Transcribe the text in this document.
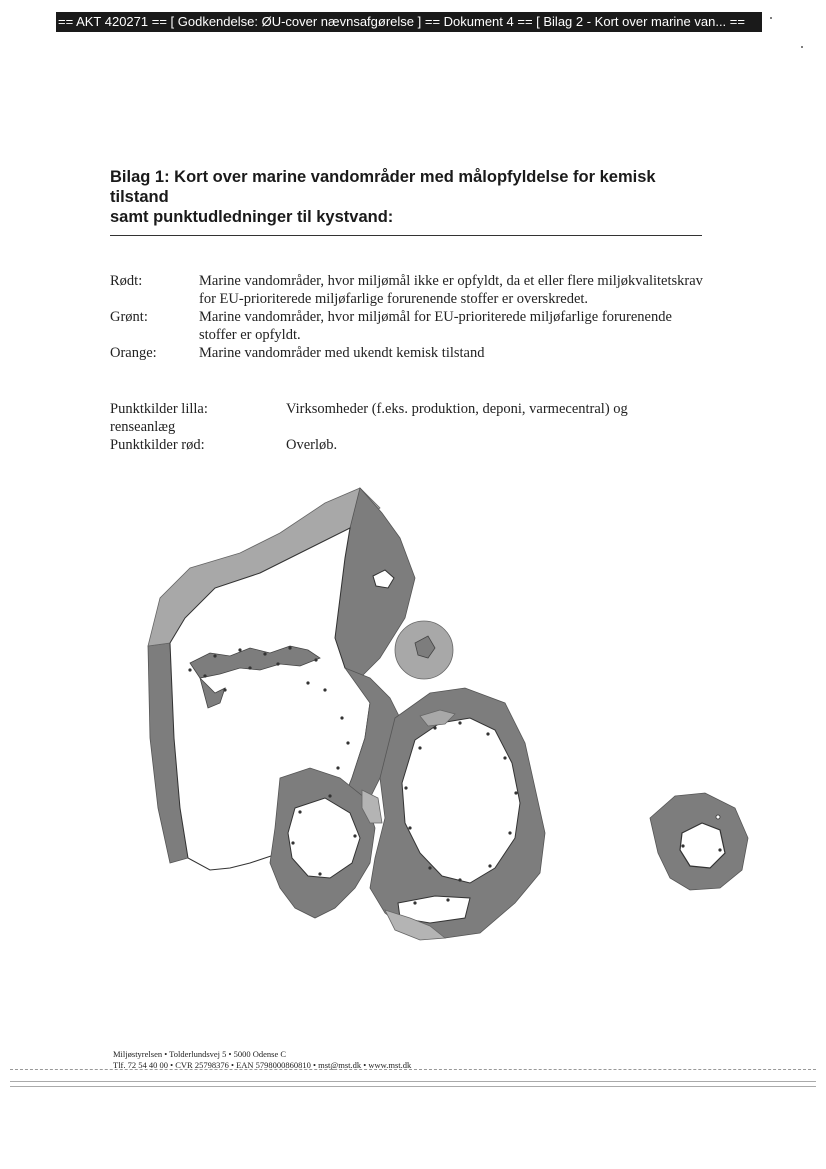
== AKT 420271 == [ Godkendelse: ØU-cover nævnsafgørelse ] == Dokument 4 == [ Bilag 2 - Kort over marine van... ==
Bilag 1: Kort over marine vandområder med målopfyldelse for kemisk tilstand
samt punktudledninger til kystvand:
Rødt:	Marine vandområder, hvor miljømål ikke er opfyldt, da et eller flere miljøkvalitetskrav for EU-prioriterede miljøfarlige forurenende stoffer er overskredet.
Grønt:	Marine vandområder, hvor miljømål for EU-prioriterede miljøfarlige forurenende stoffer er opfyldt.
Orange:	Marine vandområder med ukendt kemisk tilstand
Punktkilder lilla:	Virksomheder (f.eks. produktion, deponi, varmecentral) og
renseanlæg
Punktkilder rød:	Overløb.
Miljøstyrelsen • Tolderlundsvej 5 • 5000 Odense C
Tlf. 72 54 40 00 • CVR 25798376 • EAN 5798000860810 • mst@mst.dk • www.mst.dk
